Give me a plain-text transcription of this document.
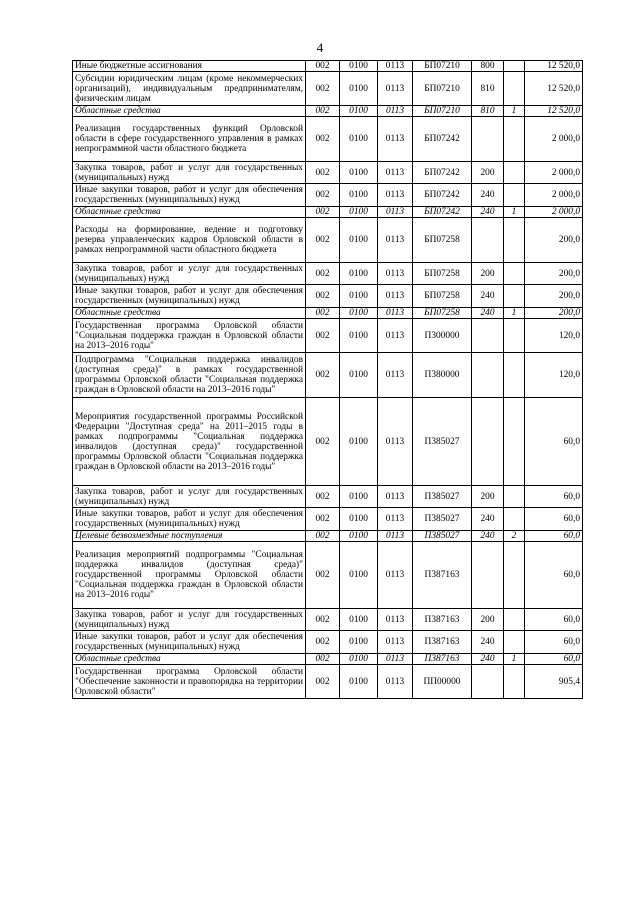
4
Иные бюджетные ассигнования	002	0100	0113	БП07210	800		12 520,0
Субсидии юридическим лицам (кроме некоммерческих организаций), индивидуальным предпринимателям, физическим лицам	002	0100	0113	БП07210	810		12 520,0
Областные средства	002	0100	0113	БП07210	810	1	12 520,0
Реализация государственных функций Орловской области в сфере государственного управления в рамках непрограммной части областного бюджета	002	0100	0113	БП07242			2 000,0
Закупка товаров, работ и услуг для государственных (муниципальных) нужд	002	0100	0113	БП07242	200		2 000,0
Иные закупки товаров, работ и услуг для обеспечения государственных (муниципальных) нужд	002	0100	0113	БП07242	240		2 000,0
Областные средства	002	0100	0113	БП07242	240	1	2 000,0
Расходы на формирование, ведение и подготовку резерва управленческих кадров Орловской области в рамках непрограммной части областного бюджета	002	0100	0113	БП07258			200,0
Закупка товаров, работ и услуг для государственных (муниципальных) нужд	002	0100	0113	БП07258	200		200,0
Иные закупки товаров, работ и услуг для обеспечения государственных (муниципальных) нужд	002	0100	0113	БП07258	240		200,0
Областные средства	002	0100	0113	БП07258	240	1	200,0
Государственная программа Орловской области "Социальная поддержка граждан в Орловской области на 2013–2016 годы"	002	0100	0113	П300000			120,0
Подпрограмма "Социальная поддержка инвалидов (доступная среда)" в рамках государственной программы Орловской области "Социальная поддержка граждан в Орловской области на 2013–2016 годы"	002	0100	0113	П380000			120,0
Мероприятия государственной программы Российской Федерации "Доступная среда" на 2011–2015 годы в рамках подпрограммы "Социальная поддержка инвалидов (доступная среда)" государственной программы Орловской области "Социальная поддержка граждан в Орловской области на 2013–2016 годы"	002	0100	0113	П385027			60,0
Закупка товаров, работ и услуг для государственных (муниципальных) нужд	002	0100	0113	П385027	200		60,0
Иные закупки товаров, работ и услуг для обеспечения государственных (муниципальных) нужд	002	0100	0113	П385027	240		60,0
Целевые безвозмездные поступления	002	0100	0113	П385027	240	2	60,0
Реализация мероприятий подпрограммы "Социальная поддержка инвалидов (доступная среда)" государственной программы Орловской области "Социальная поддержка граждан в Орловской области на 2013–2016 годы"	002	0100	0113	П387163			60,0
Закупка товаров, работ и услуг для государственных (муниципальных) нужд	002	0100	0113	П387163	200		60,0
Иные закупки товаров, работ и услуг для обеспечения государственных (муниципальных) нужд	002	0100	0113	П387163	240		60,0
Областные средства	002	0100	0113	П387163	240	1	60,0
Государственная программа Орловской области "Обеспечение законности и правопорядка на территории Орловской области"	002	0100	0113	ПП00000			905,4
